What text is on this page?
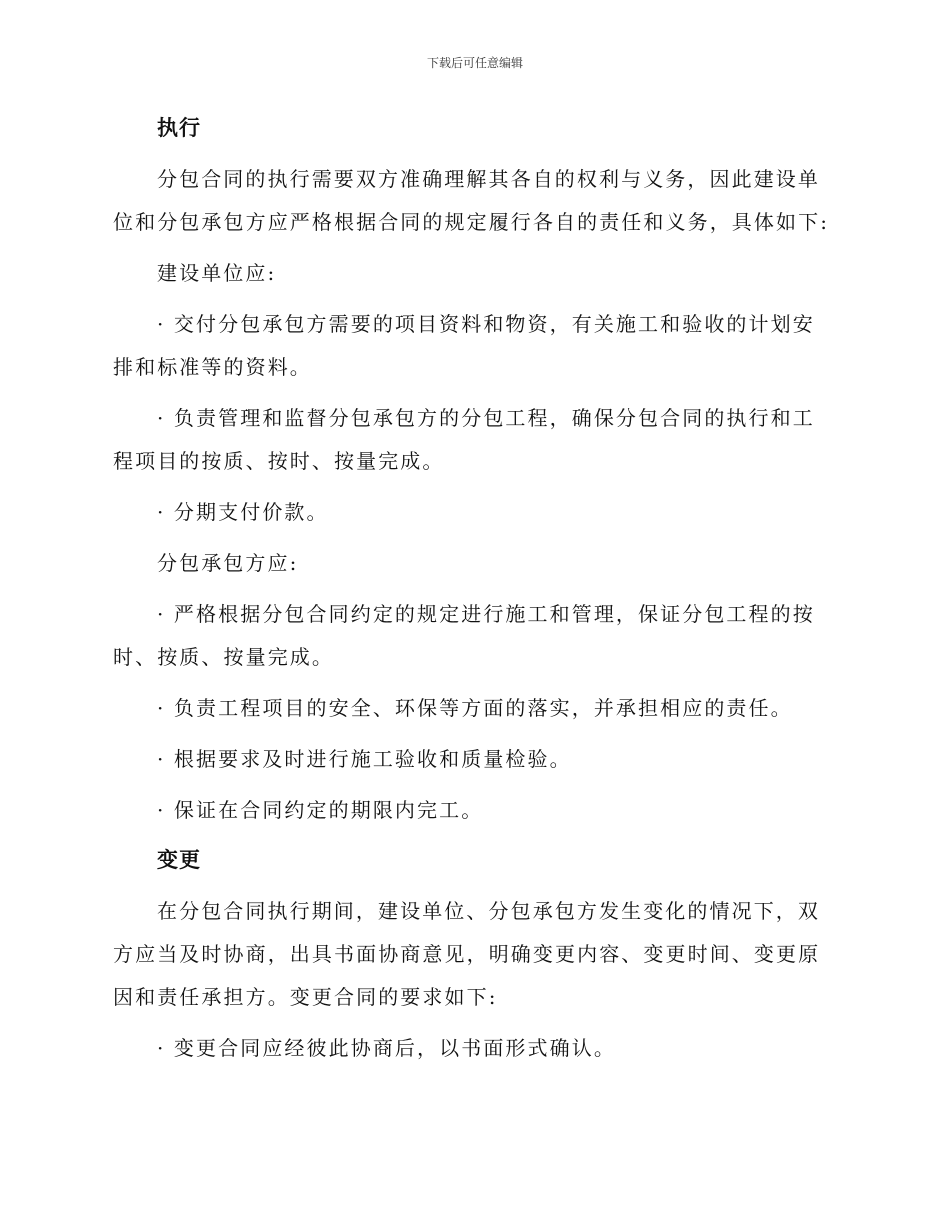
下载后可任意编辑
执行

分包合同的执行需要双方准确理解其各自的权利与义务，因此建设单位和分包承包方应严格根据合同的规定履行各自的责任和义务，具体如下:

建设单位应:

· 交付分包承包方需要的项目资料和物资，有关施工和验收的计划安排和标准等的资料。

· 负责管理和监督分包承包方的分包工程，确保分包合同的执行和工程项目的按质、按时、按量完成。

· 分期支付价款。

分包承包方应:

· 严格根据分包合同约定的规定进行施工和管理，保证分包工程的按时、按质、按量完成。

· 负责工程项目的安全、环保等方面的落实，并承担相应的责任。

· 根据要求及时进行施工验收和质量检验。

· 保证在合同约定的期限内完工。

变更

在分包合同执行期间，建设单位、分包承包方发生变化的情况下，双方应当及时协商，出具书面协商意见，明确变更内容、变更时间、变更原因和责任承担方。变更合同的要求如下:

· 变更合同应经彼此协商后，以书面形式确认。
